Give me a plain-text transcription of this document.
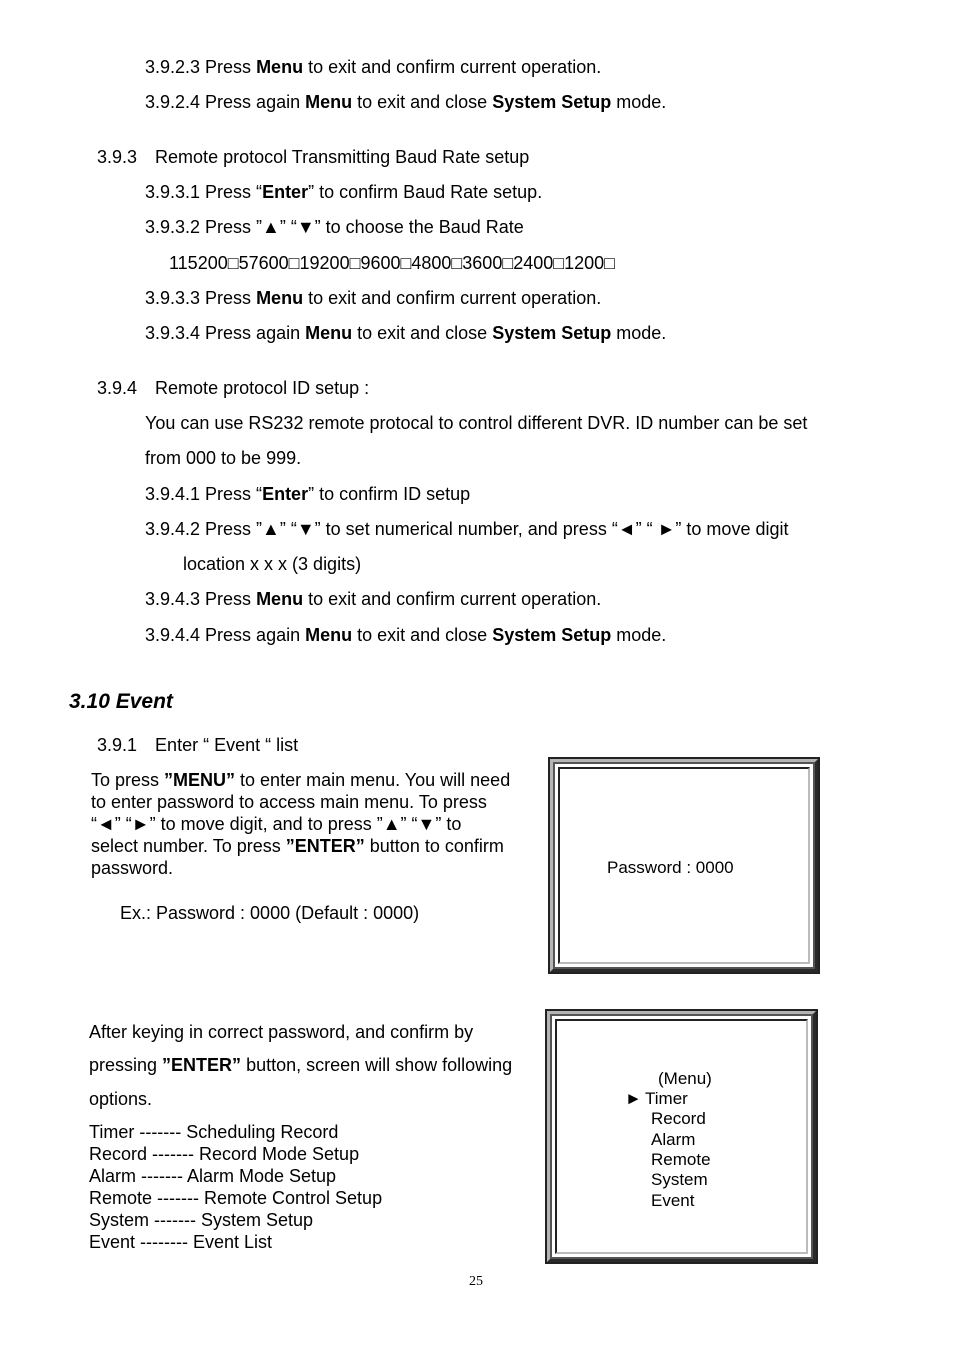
3.9.2.3 Press Menu to exit and confirm current operation.
3.9.2.4 Press again Menu to exit and close System Setup mode.
3.9.3 Remote protocol Transmitting Baud Rate setup
3.9.3.1 Press “Enter” to confirm Baud Rate setup.
3.9.3.2 Press ”▲” “▼” to choose the Baud Rate
115200□57600□19200□9600□4800□3600□2400□1200□
3.9.3.3 Press Menu to exit and confirm current operation.
3.9.3.4 Press again Menu to exit and close System Setup mode.
3.9.4 Remote protocol ID setup :
You can use RS232 remote protocal to control different DVR. ID number can be set
from 000 to be 999.
3.9.4.1 Press “Enter” to confirm ID setup
3.9.4.2 Press ”▲” “▼” to set numerical number, and press “◄” “ ►” to move digit
location x x x (3 digits)
3.9.4.3 Press Menu to exit and confirm current operation.
3.9.4.4 Press again Menu to exit and close System Setup mode.
3.10 Event
3.9.1 Enter “ Event “ list
To press ”MENU” to enter main menu. You will need
to enter password to access main menu. To press
“◄” “►” to move digit, and to press ”▲” “▼” to
select number. To press ”ENTER” button to confirm
password.
Ex.: Password : 0000 (Default : 0000)
Password : 0000
After keying in correct password, and confirm by
pressing ”ENTER” button, screen will show following
options.
Timer ------- Scheduling Record
Record ------- Record Mode Setup
Alarm ------- Alarm Mode Setup
Remote ------- Remote Control Setup
System ------- System Setup
Event -------- Event List
(Menu)
► Timer
Record
Alarm
Remote
System
Event
25
